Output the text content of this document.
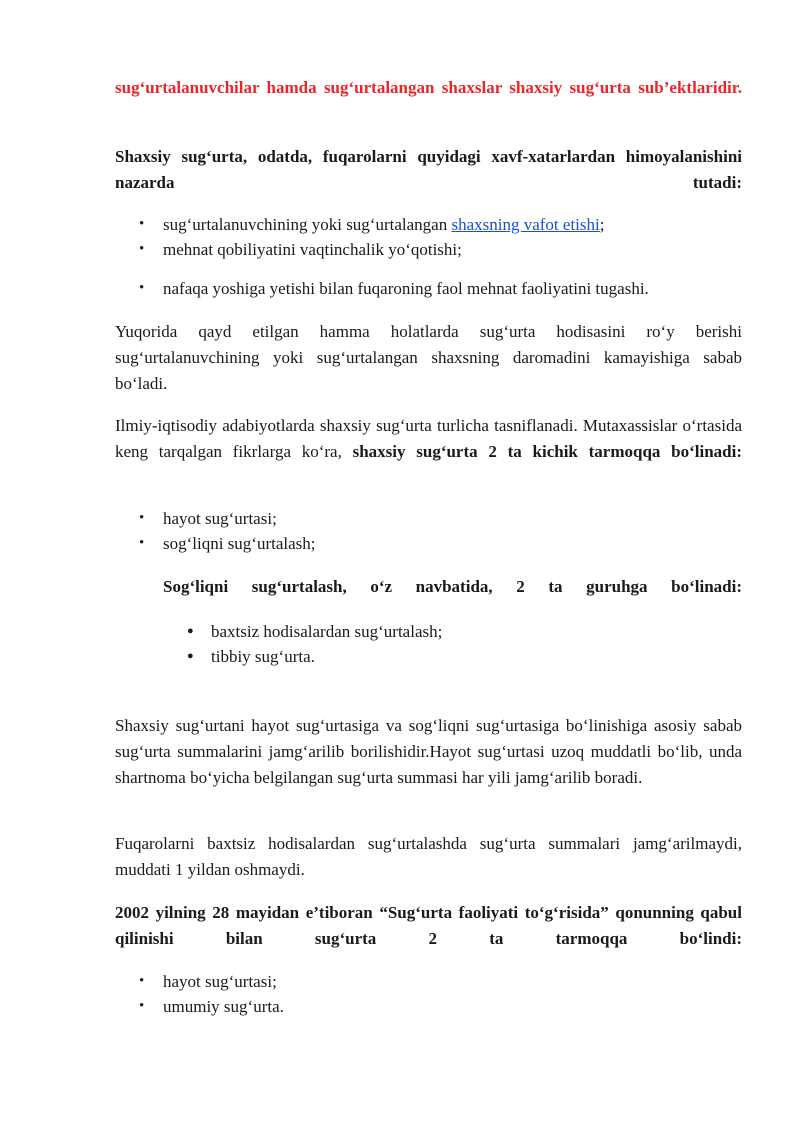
sug‘urtalanuvchilar hamda sug‘urtalangan shaxslar shaxsiy sug‘urta sub’ektlaridir.
Shaxsiy sug‘urta, odatda, fuqarolarni quyidagi xavf-xatarlardan himoyalanishini nazarda tutadi:
• sug‘urtalanuvchining yoki sug‘urtalangan shaxsning vafot etishi;
• mehnat qobiliyatini vaqtinchalik yo‘qotishi;
• nafaqa yoshiga yetishi bilan fuqaroning faol mehnat faoliyatini tugashi.
Yuqorida qayd etilgan hamma holatlarda sug‘urta hodisasini ro‘y berishi sug‘urtalanuvchining yoki sug‘urtalangan shaxsning daromadini kamayishiga sabab bo‘ladi.
Ilmiy-iqtisodiy adabiyotlarda shaxsiy sug‘urta turlicha tasniflanadi. Mutaxassislar o‘rtasida keng tarqalgan fikrlarga ko‘ra, shaxsiy sug‘urta 2 ta kichik tarmoqqa bo‘linadi:
• hayot sug‘urtasi;
• sog‘liqni sug‘urtalash;
Sog‘liqni sug‘urtalash, o‘z navbatida, 2 ta guruhga bo‘linadi:
● baxtsiz hodisalardan sug‘urtalash;
● tibbiy sug‘urta.
Shaxsiy sug‘urtani hayot sug‘urtasiga va sog‘liqni sug‘urtasiga bo‘linishiga asosiy sabab sug‘urta summalarini jamg‘arilib borilishidir.Hayot sug‘urtasi uzoq muddatli bo‘lib, unda shartnoma bo‘yicha belgilangan sug‘urta summasi har yili jamg‘arilib boradi.
Fuqarolarni baxtsiz hodisalardan sug‘urtalashda sug‘urta summalari jamg‘arilmaydi, muddati 1 yildan oshmaydi.
2002 yilning 28 mayidan e’tiboran “Sug‘urta faoliyati to‘g‘risida” qonunning qabul qilinishi bilan sug‘urta 2 ta tarmoqqa bo‘lindi:
• hayot sug‘urtasi;
• umumiy sug‘urta.
